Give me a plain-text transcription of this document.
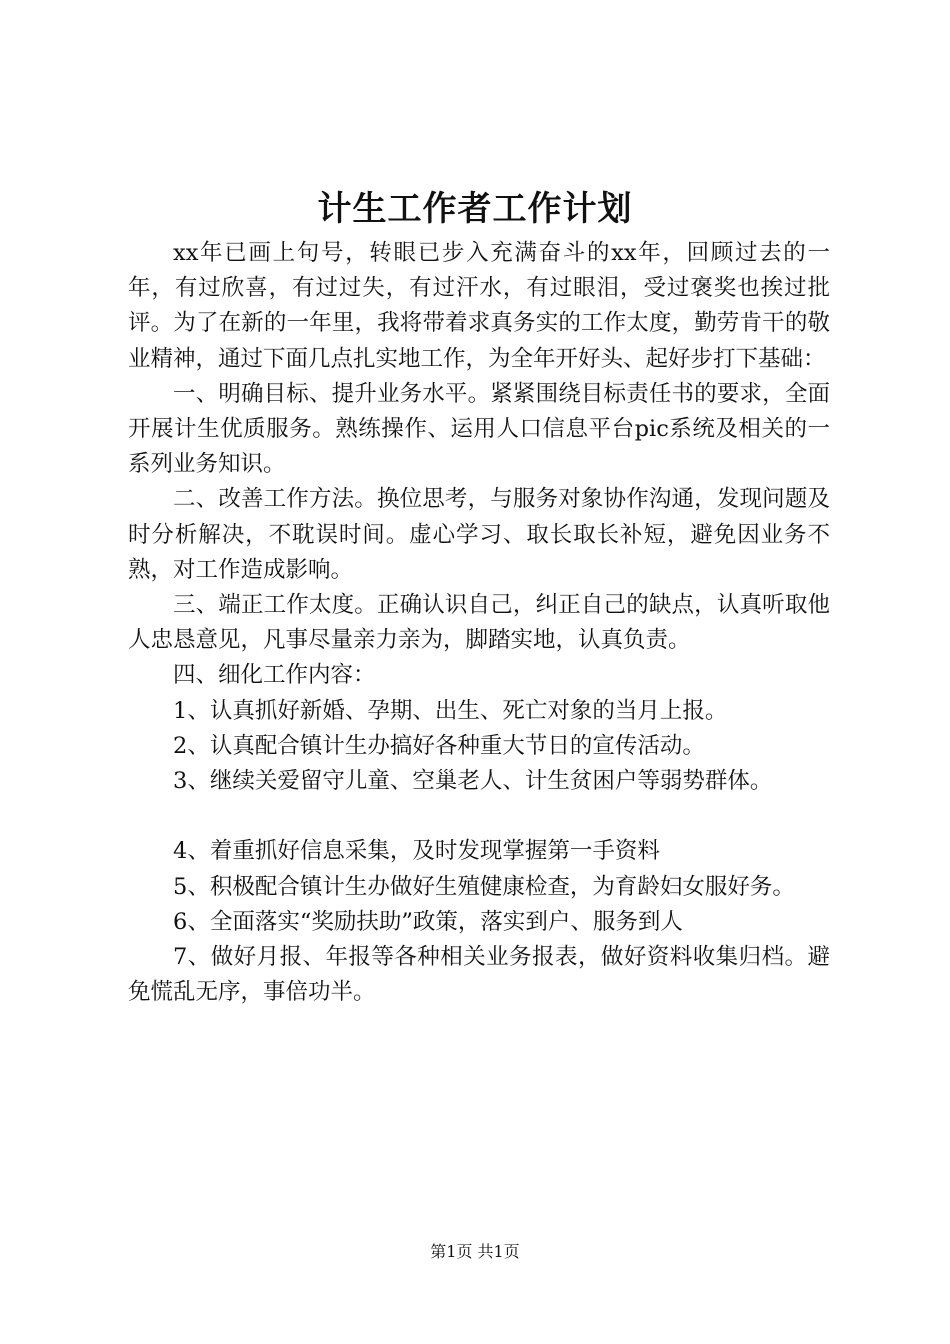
计生工作者工作计划

xx年已画上句号，转眼已步入充满奋斗的xx年，回顾过去的一年，有过欣喜，有过过失，有过汗水，有过眼泪，受过褒奖也挨过批评。为了在新的一年里，我将带着求真务实的工作太度，勤劳肯干的敬业精神，通过下面几点扎实地工作，为全年开好头、起好步打下基础：

一、明确目标、提升业务水平。紧紧围绕目标责任书的要求，全面开展计生优质服务。熟练操作、运用人口信息平台pic系统及相关的一系列业务知识。

二、改善工作方法。换位思考，与服务对象协作沟通，发现问题及时分析解决，不耽误时间。虚心学习、取长取长补短，避免因业务不熟，对工作造成影响。

三、端正工作太度。正确认识自己，纠正自己的缺点，认真听取他人忠恳意见，凡事尽量亲力亲为，脚踏实地，认真负责。

四、细化工作内容：

1、认真抓好新婚、孕期、出生、死亡对象的当月上报。

2、认真配合镇计生办搞好各种重大节日的宣传活动。

3、继续关爱留守儿童、空巢老人、计生贫困户等弱势群体。

4、着重抓好信息采集，及时发现掌握第一手资料

5、积极配合镇计生办做好生殖健康检查，为育龄妇女服好务。

6、全面落实“奖励扶助”政策，落实到户、服务到人

7、做好月报、年报等各种相关业务报表，做好资料收集归档。避免慌乱无序，事倍功半。

第1页 共1页
